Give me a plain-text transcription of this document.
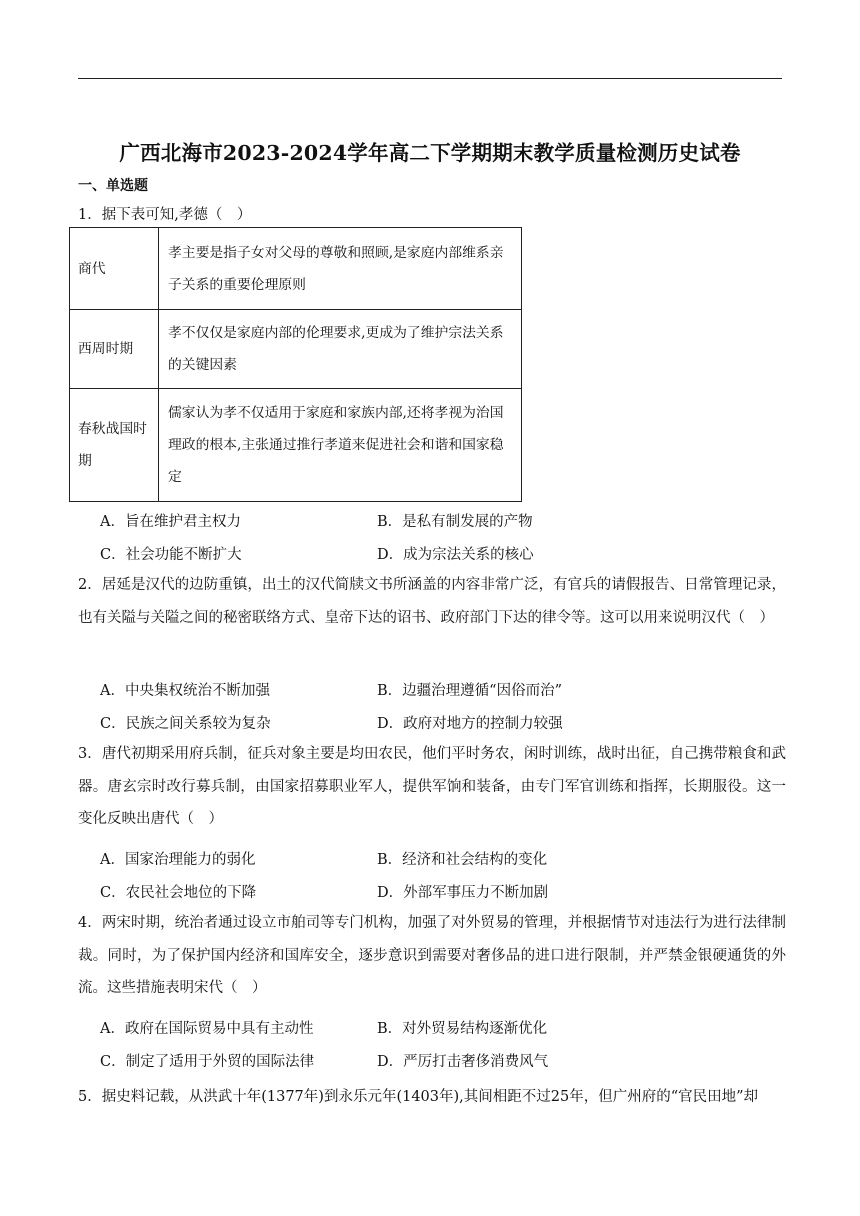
广西北海市2023-2024学年高二下学期期末教学质量检测历史试卷
一、单选题
1．据下表可知,孝德（　）
商代	孝主要是指子女对父母的尊敬和照顾,是家庭内部维系亲子关系的重要伦理原则
西周时期	孝不仅仅是家庭内部的伦理要求,更成为了维护宗法关系的关键因素
春秋战国时期	儒家认为孝不仅适用于家庭和家族内部,还将孝视为治国理政的根本,主张通过推行孝道来促进社会和谐和国家稳定
A．旨在维护君主权力	B．是私有制发展的产物
C．社会功能不断扩大	D．成为宗法关系的核心
2．居延是汉代的边防重镇，出土的汉代简牍文书所涵盖的内容非常广泛，有官兵的请假报告、日常管理记录，也有关隘与关隘之间的秘密联络方式、皇帝下达的诏书、政府部门下达的律令等。这可以用来说明汉代（　）
A．中央集权统治不断加强	B．边疆治理遵循“因俗而治”
C．民族之间关系较为复杂	D．政府对地方的控制力较强
3．唐代初期采用府兵制，征兵对象主要是均田农民，他们平时务农，闲时训练，战时出征，自己携带粮食和武器。唐玄宗时改行募兵制，由国家招募职业军人，提供军饷和装备，由专门军官训练和指挥，长期服役。这一变化反映出唐代（　）
A．国家治理能力的弱化	B．经济和社会结构的变化
C．农民社会地位的下降	D．外部军事压力不断加剧
4．两宋时期，统治者通过设立市舶司等专门机构，加强了对外贸易的管理，并根据情节对违法行为进行法律制裁。同时，为了保护国内经济和国库安全，逐步意识到需要对奢侈品的进口进行限制，并严禁金银硬通货的外流。这些措施表明宋代（　）
A．政府在国际贸易中具有主动性	B．对外贸易结构逐渐优化
C．制定了适用于外贸的国际法律	D．严厉打击奢侈消费风气
5．据史料记载，从洪武十年(1377年)到永乐元年(1403年),其间相距不过25年，但广州府的“官民田地”却
